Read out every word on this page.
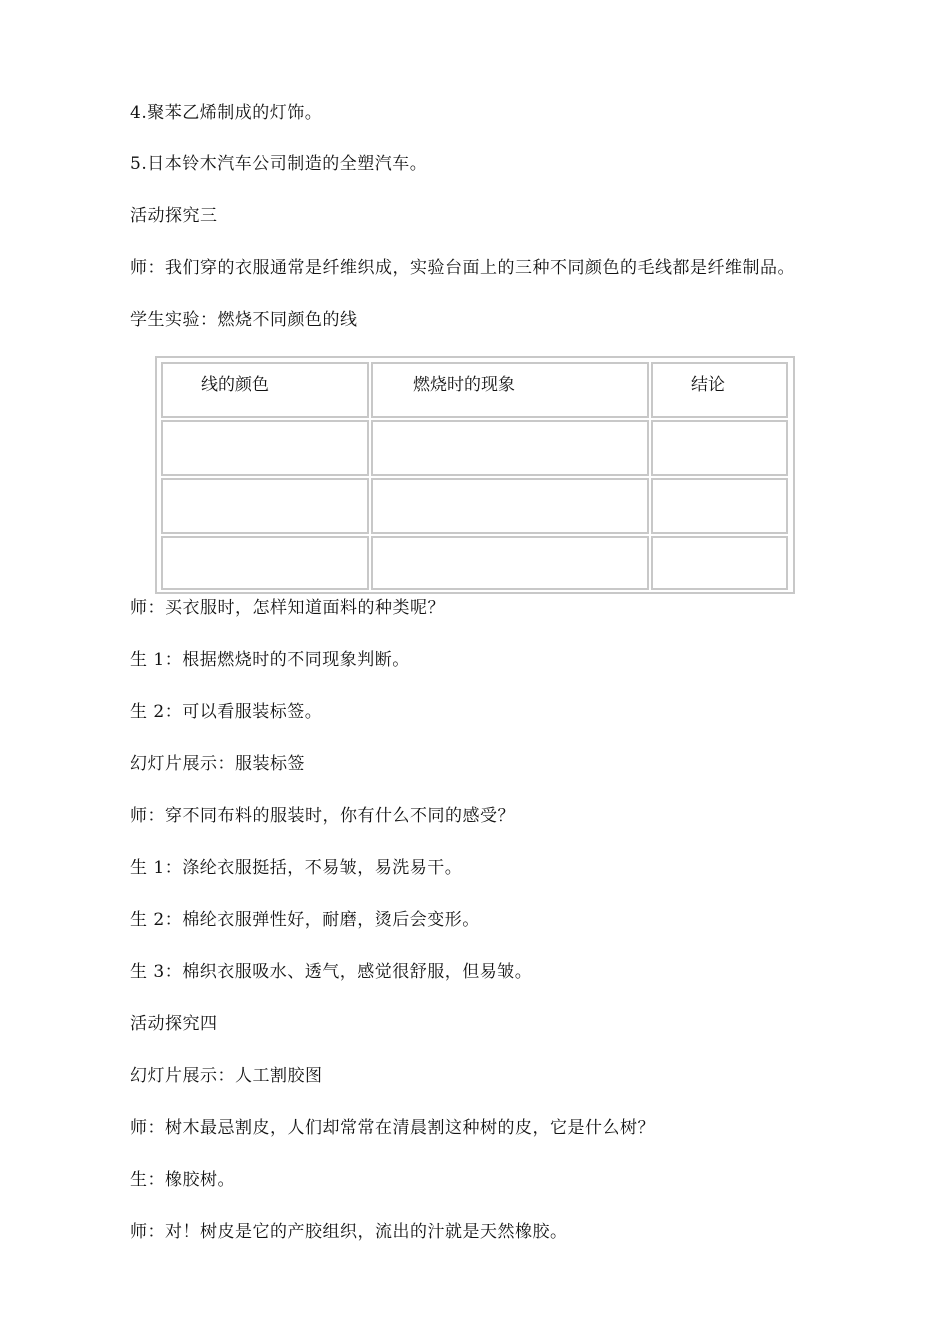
4.聚苯乙烯制成的灯饰。
5.日本铃木汽车公司制造的全塑汽车。
活动探究三
师：我们穿的衣服通常是纤维织成，实验台面上的三种不同颜色的毛线都是纤维制品。
学生实验：燃烧不同颜色的线
线的颜色	燃烧时的现象	结论

师：买衣服时，怎样知道面料的种类呢？
生 1：根据燃烧时的不同现象判断。
生 2：可以看服装标签。
幻灯片展示：服装标签
师：穿不同布料的服装时，你有什么不同的感受？
生 1：涤纶衣服挺括，不易皱，易洗易干。
生 2：棉纶衣服弹性好，耐磨，烫后会变形。
生 3：棉织衣服吸水、透气，感觉很舒服，但易皱。
活动探究四
幻灯片展示：人工割胶图
师：树木最忌割皮，人们却常常在清晨割这种树的皮，它是什么树？
生：橡胶树。
师：对！树皮是它的产胶组织，流出的汁就是天然橡胶。
